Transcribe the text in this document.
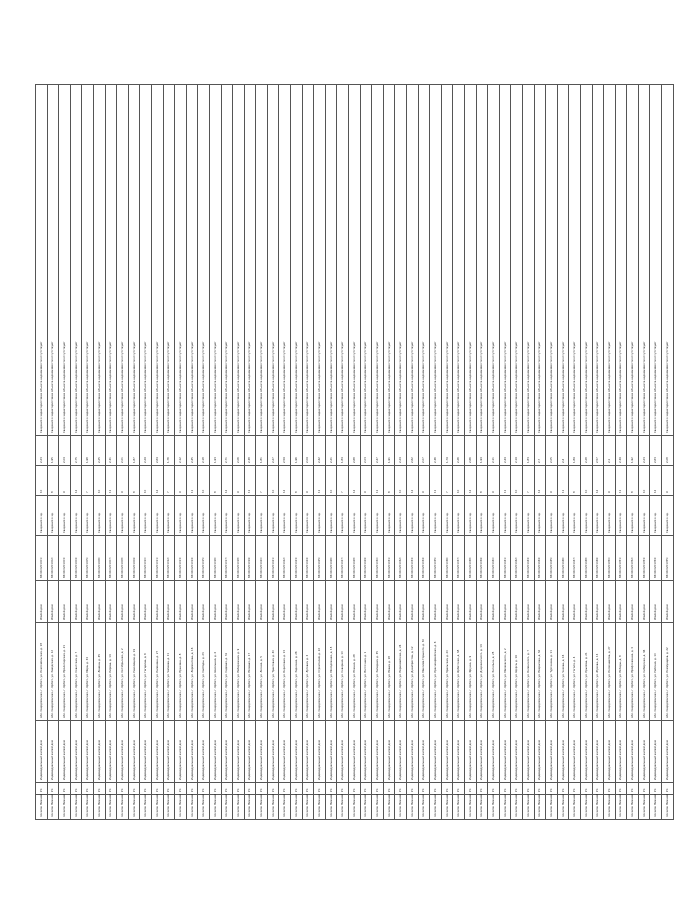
поселок Нижний	Ул	Индивидуальный жилой дом	обл. Свердловская, г. Ирбит, ул. Комсомольская, д. 18	Жилой дом	66:44:0201001:	Сведения о зд.	10	2,23	Сведения о характеристиках объекта недвижимости отсутствуют
поселок Нижний	Ул	Индивидуальный жилой дом	обл. Свердловская, г. Ирбит, ул. Заводская, д. 12	Жилой дом	66:44:0201002:	Сведения о зд.	8	1,95	Сведения о характеристиках объекта недвижимости отсутствуют
поселок Нижний	Ул	Индивидуальный жилой дом	обл. Свердловская, г. Ирбит, ул. Пролетарская, д. 21	Жилой дом	66:44:0201003:	Сведения о зд.	9	2,04	Сведения о характеристиках объекта недвижимости отсутствуют
поселок Нижний	Ул	Индивидуальный жилой дом	обл. Свердловская, г. Ирбит, ул. Советская, д. 7	Жилой дом	66:44:0201004:	Сведения о зд.	12	2,75	Сведения о характеристиках объекта недвижимости отсутствуют
поселок Нижний	Ул	Индивидуальный жилой дом	обл. Свердловская, г. Ирбит, ул. Мира, д. 33	Жилой дом	66:44:0201005:	Сведения о зд.	7	1,98	Сведения о характеристиках объекта недвижимости отсутствуют
поселок Нижний	Ул	Индивидуальный жилой дом	обл. Свердловская, г. Ирбит, ул. Ленина, д. 45	Жилой дом	66:44:0201006:	Сведения о зд.	10	2,25	Сведения о характеристиках объекта недвижимости отсутствуют
поселок Нижний	Ул	Индивидуальный жилой дом	обл. Свердловская, г. Ирбит, ул. Кирова, д. 14	Жилой дом	66:44:0201007:	Сведения о зд.	11	2,31	Сведения о характеристиках объекта недвижимости отсутствуют
поселок Нижний	Ул	Индивидуальный жилой дом	обл. Свердловская, г. Ирбит, ул. Октябрьская, д. 2	Жилой дом	66:44:0201008:	Сведения о зд.	9	2,01	Сведения о характеристиках объекта недвижимости отсутствуют
поселок Нижний	Ул	Индивидуальный жилой дом	обл. Свердловская, г. Ирбит, ул. Революции, д. 19	Жилой дом	66:44:0201009:	Сведения о зд.	8	1,87	Сведения о характеристиках объекта недвижимости отсутствуют
поселок Нижний	Ул	Индивидуальный жилой дом	обл. Свердловская, г. Ирбит, ул. Гагарина, д. 6	Жилой дом	66:44:0201010:	Сведения о зд.	10	2,29	Сведения о характеристиках объекта недвижимости отсутствуют
поселок Нижний	Ул	Индивидуальный жилой дом	обл. Свердловская, г. Ирбит, ул. Калинина, д. 27	Жилой дом	66:44:0201011:	Сведения о зд.	12	2,64	Сведения о характеристиках объекта недвижимости отсутствуют
поселок Нижний	Ул	Индивидуальный жилой дом	обл. Свердловская, г. Ирбит, ул. Чапаева, д. 11	Жилой дом	66:44:0201012:	Сведения о зд.	7	1,76	Сведения о характеристиках объекта недвижимости отсутствуют
поселок Нижний	Ул	Индивидуальный жилой дом	обл. Свердловская, г. Ирбит, ул. Пушкина, д. 8	Жилой дом	66:44:0201013:	Сведения о зд.	9	2,12	Сведения о характеристиках объекта недвижимости отсутствуют
поселок Нижний	Ул	Индивидуальный жилой дом	обл. Свердловская, г. Ирбит, ул. Лермонтова, д. 16	Жилой дом	66:44:0201014:	Сведения о зд.	11	2,45	Сведения о характеристиках объекта недвижимости отсутствуют
поселок Нижний	Ул	Индивидуальный жилой дом	обл. Свердловская, г. Ирбит, ул. Свободы, д. 23	Жилой дом	66:44:0201015:	Сведения о зд.	10	2,18	Сведения о характеристиках объекта недвижимости отсутствуют
поселок Нижний	Ул	Индивидуальный жилой дом	обл. Свердловская, г. Ирбит, ул. Школьная, д. 4	Жилой дом	66:44:0201016:	Сведения о зд.	8	1,93	Сведения о характеристиках объекта недвижимости отсутствуют
поселок Нижний	Ул	Индивидуальный жилой дом	обл. Свердловская, г. Ирбит, ул. Садовая, д. 31	Жилой дом	66:44:0201017:	Сведения о зд.	12	2,71	Сведения о характеристиках объекта недвижимости отсутствуют
поселок Нижний	Ул	Индивидуальный жилой дом	обл. Свердловская, г. Ирбит, ул. Набережная, д. 9	Жилой дом	66:44:0201018:	Сведения о зд.	9	2,06	Сведения о характеристиках объекта недвижимости отсутствуют
поселок Нижний	Ул	Индивидуальный жилой дом	обл. Свердловская, г. Ирбит, ул. Полевая, д. 17	Жилой дом	66:44:0201019:	Сведения о зд.	11	2,38	Сведения о характеристиках объекта недвижимости отсутствуют
поселок Нижний	Ул	Индивидуальный жилой дом	обл. Свердловская, г. Ирбит, ул. Лесная, д. 5	Жилой дом	66:44:0201020:	Сведения о зд.	7	1,81	Сведения о характеристиках объекта недвижимости отсутствуют
поселок Нижний	Ул	Индивидуальный жилой дом	обл. Свердловская, г. Ирбит, ул. Трактовая, д. 40	Жилой дом	66:44:0201021:	Сведения о зд.	10	2,27	Сведения о характеристиках объекта недвижимости отсутствуют
поселок Нижний	Ул	Индивидуальный жилой дом	обл. Свердловская, г. Ирбит, ул. Береговая, д. 13	Жилой дом	66:44:0201022:	Сведения о зд.	12	2,59	Сведения о характеристиках объекта недвижимости отсутствуют
поселок Нижний	Ул	Индивидуальный жилой дом	обл. Свердловская, г. Ирбит, ул. Заречная, д. 26	Жилой дом	66:44:0201023:	Сведения о зд.	8	1,96	Сведения о характеристиках объекта недвижимости отсутствуют
поселок Нижний	Ул	Индивидуальный жилой дом	обл. Свердловская, г. Ирбит, ул. Луговая, д. 3	Жилой дом	66:44:0201024:	Сведения о зд.	9	2,09	Сведения о характеристиках объекта недвижимости отсутствуют
поселок Нижний	Ул	Индивидуальный жилой дом	обл. Свердловская, г. Ирбит, ул. Строителей, д. 22	Жилой дом	66:44:0201025:	Сведения о зд.	11	2,42	Сведения о характеристиках объекта недвижимости отсутствуют
поселок Нижний	Ул	Индивидуальный жилой дом	обл. Свердловская, г. Ирбит, ул. Молодёжная, д. 15	Жилой дом	66:44:0201026:	Сведения о зд.	10	2,21	Сведения о характеристиках объекта недвижимости отсутствуют
поселок Нижний	Ул	Индивидуальный жилой дом	обл. Свердловская, г. Ирбит, ул. Северная, д. 10	Жилой дом	66:44:0201027:	Сведения о зд.	7	1,84	Сведения о характеристиках объекта недвижимости отсутствуют
поселок Нижний	Ул	Индивидуальный жилой дом	обл. Свердловская, г. Ирбит, ул. Южная, д. 28	Жилой дом	66:44:0201028:	Сведения о зд.	12	2,68	Сведения о характеристиках объекта недвижимости отсутствуют
поселок Нижний	Ул	Индивидуальный жилой дом	обл. Свердловская, г. Ирбит, ул. Восточная, д. 1	Жилой дом	66:44:0201029:	Сведения о зд.	9	2,03	Сведения о характеристиках объекта недвижимости отсутствуют
поселок Нижний	Ул	Индивидуальный жилой дом	обл. Свердловская, г. Ирбит, ул. Западная, д. 35	Жилой дом	66:44:0201030:	Сведения о зд.	11	2,47	Сведения о характеристиках объекта недвижимости отсутствуют
поселок Нижний	Ул	Индивидуальный жилой дом	обл. Свердловская, г. Ирбит, ул. Новая, д. 18	Жилой дом	66:44:0201031:	Сведения о зд.	8	1,91	Сведения о характеристиках объекта недвижимости отсутствуют
поселок Нижний	Ул	Индивидуальный жилой дом	обл. Свердловская, г. Ирбит, ул. Первомайская, д. 24	Жилой дом	66:44:0201032:	Сведения о зд.	10	2,24	Сведения о характеристиках объекта недвижимости отсутствуют
поселок Нижний	Ул	Индивидуальный жилой дом	обл. Свердловская, г. Ирбит, ул. Декабристов, д. 12	Жилой дом	66:44:0201033:	Сведения о зд.	12	2,62	Сведения о характеристиках объекта недвижимости отсутствуют
поселок Нижний	Ул	Индивидуальный жилой дом	обл. Свердловская, г. Ирбит, ул. Максима Горького, д. 30	Жилой дом	66:44:0201034:	Сведения о зд.	9	2,07	Сведения о характеристиках объекта недвижимости отсутствуют
поселок Нижний	Ул	Индивидуальный жилой дом	обл. Свердловская, г. Ирбит, ул. Красноармейская, д. 6	Жилой дом	66:44:0201035:	Сведения о зд.	11	2,36	Сведения о характеристиках объекта недвижимости отсутствуют
поселок Нижний	Ул	Индивидуальный жилой дом	обл. Свердловская, г. Ирбит, ул. Уральская, д. 20	Жилой дом	66:44:0201036:	Сведения о зд.	7	1,79	Сведения о характеристиках объекта недвижимости отсутствуют
поселок Нижний	Ул	Индивидуальный жилой дом	обл. Свердловская, г. Ирбит, ул. Ирбитская, д. 38	Жилой дом	66:44:0201037:	Сведения о зд.	10	2,26	Сведения о характеристиках объекта недвижимости отсутствуют
поселок Нижний	Ул	Индивидуальный жилой дом	обл. Свердловская, г. Ирбит, ул. Фрунзе, д. 9	Жилой дом	66:44:0201038:	Сведения о зд.	12	2,66	Сведения о характеристиках объекта недвижимости отсутствуют
поселок Нижний	Ул	Индивидуальный жилой дом	обл. Свердловская, г. Ирбит, ул. Дзержинского, д. 14	Жилой дом	66:44:0201039:	Сведения о зд.	8	1,94	Сведения о характеристиках объекта недвижимости отсутствуют
поселок Нижний	Ул	Индивидуальный жилой дом	обл. Свердловская, г. Ирбит, ул. Энгельса, д. 25	Жилой дом	66:44:0201040:	Сведения о зд.	9	2,11	Сведения о характеристиках объекта недвижимости отсутствуют
поселок Нижний	Ул	Индивидуальный жилой дом	обл. Свердловская, г. Ирбит, ул. Маяковского, д. 2	Жилой дом	66:44:0201041:	Сведения о зд.	11	2,44	Сведения о характеристиках объекта недвижимости отсутствуют
поселок Нижний	Ул	Индивидуальный жилой дом	обл. Свердловская, г. Ирбит, ул. Щорса, д. 19	Жилой дом	66:44:0201042:	Сведения о зд.	10	2,19	Сведения о характеристиках объекта недвижимости отсутствуют
поселок Нижний	Ул	Индивидуальный жилой дом	обл. Свердловская, г. Ирбит, ул. Белинского, д. 7	Жилой дом	66:44:0201043:	Сведения о зд.	7	1,83	Сведения о характеристиках объекта недвижимости отсутствуют
поселок Нижний	Ул	Индивидуальный жилой дом	обл. Свердловская, г. Ирбит, ул. Некрасова, д. 32	Жилой дом	66:44:0201044:	Сведения о зд.	12	2,7	Сведения о характеристиках объекта недвижимости отсутствуют
поселок Нижний	Ул	Индивидуальный жилой дом	обл. Свердловская, г. Ирбит, ул. Тургенева, д. 11	Жилой дом	66:44:0201045:	Сведения о зд.	9	2,05	Сведения о характеристиках объекта недвижимости отсутствуют
поселок Нижний	Ул	Индивидуальный жилой дом	обл. Свердловская, г. Ирбит, ул. Чехова, д. 16	Жилой дом	66:44:0201046:	Сведения о зд.	11	2,4	Сведения о характеристиках объекта недвижимости отсутствуют
поселок Нижний	Ул	Индивидуальный жилой дом	обл. Свердловская, г. Ирбит, ул. Гоголя, д. 4	Жилой дом	66:44:0201047:	Сведения о зд.	8	1,89	Сведения о характеристиках объекта недвижимости отсутствуют
поселок Нижний	Ул	Индивидуальный жилой дом	обл. Свердловская, г. Ирбит, ул. Крылова, д. 21	Жилой дом	66:44:0201048:	Сведения о зд.	10	2,28	Сведения о характеристиках объекта недвижимости отсутствуют
поселок Нижний	Ул	Индивидуальный жилой дом	обл. Свердловская, г. Ирбит, ул. Жукова, д. 13	Жилой дом	66:44:0201049:	Сведения о зд.	12	2,57	Сведения о характеристиках объекта недвижимости отсутствуют
поселок Нижний	Ул	Индивидуальный жилой дом	обл. Свердловская, г. Ирбит, ул. Космонавтов, д. 27	Жилой дом	66:44:0201050:	Сведения о зд.	9	2,1	Сведения о характеристиках объекта недвижимости отсутствуют
поселок Нижний	Ул	Индивидуальный жилой дом	обл. Свердловская, г. Ирбит, ул. Победы, д. 8	Жилой дом	66:44:0201051:	Сведения о зд.	11	2,39	Сведения о характеристиках объекта недвижимости отсутствуют
поселок Нижний	Ул	Индивидуальный жилой дом	обл. Свердловская, г. Ирбит, ул. Профсоюзная, д. 3	Жилой дом	66:44:0201052:	Сведения о зд.	8	1,92	Сведения о характеристиках объекта недвижимости отсутствуют
поселок Нижний	Ул	Индивидуальный жилой дом	обл. Свердловская, г. Ирбит, ул. Сибирская, д. 36	Жилой дом	66:44:0201053:	Сведения о зд.	10	2,23	Сведения о характеристиках объекта недвижимости отсутствуют
поселок Нижний	Ул	Индивидуальный жилой дом	обл. Свердловская, г. Ирбит, ул. Рабочая, д. 10	Жилой дом	66:44:0201054:	Сведения о зд.	12	2,63	Сведения о характеристиках объекта недвижимости отсутствуют
поселок Нижний	Ул	Индивидуальный жилой дом	обл. Свердловская, г. Ирбит, ул. Коммунаров, д. 22	Жилой дом	66:44:0201055:	Сведения о зд.	9	2,08	Сведения о характеристиках объекта недвижимости отсутствуют
